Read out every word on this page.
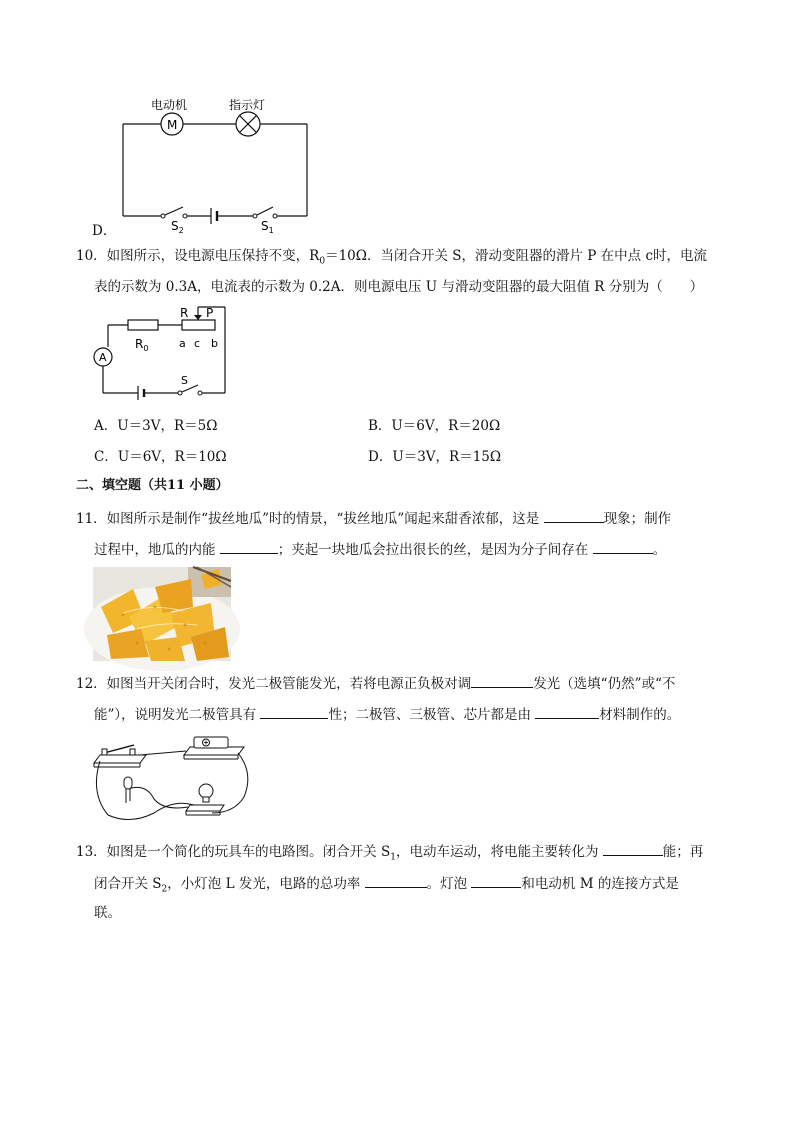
电动机	指示灯
M
$S_2$	$S_1$
D．
10．如图所示，设电源电压保持不变，$R_0=10\Omega$．当闭合开关 S，滑动变阻器的滑片 P 在中点 c时，电流
表的示数为 0.3A，电流表的示数为 0.2A．则电源电压 U 与滑动变阻器的最大阻值 R 分别为（　　）
$R_0$
R P
a c b
A
S
A．U＝3V，R＝5Ω	B．U＝6V，R＝20Ω
C．U＝6V，R＝10Ω	D．U＝3V，R＝15Ω
二、填空题（共11 小题）
11．如图所示是制作“拔丝地瓜”时的情景，“拔丝地瓜”闻起来甜香浓郁，这是	现象；制作
过程中，地瓜的内能	；夹起一块地瓜会拉出很长的丝，是因为分子间存在	。
12．如图当开关闭合时，发光二极管能发光，若将电源正负极对调	发光（选填“仍然”或“不
能”），说明发光二极管具有	性；二极管、三极管、芯片都是由	材料制作的。
13．如图是一个简化的玩具车的电路图。闭合开关 $S_1$，电动车运动，将电能主要转化为	能；再
闭合开关 $S_2$，小灯泡 L 发光，电路的总功率	。灯泡	和电动机 M 的连接方式是
联。
